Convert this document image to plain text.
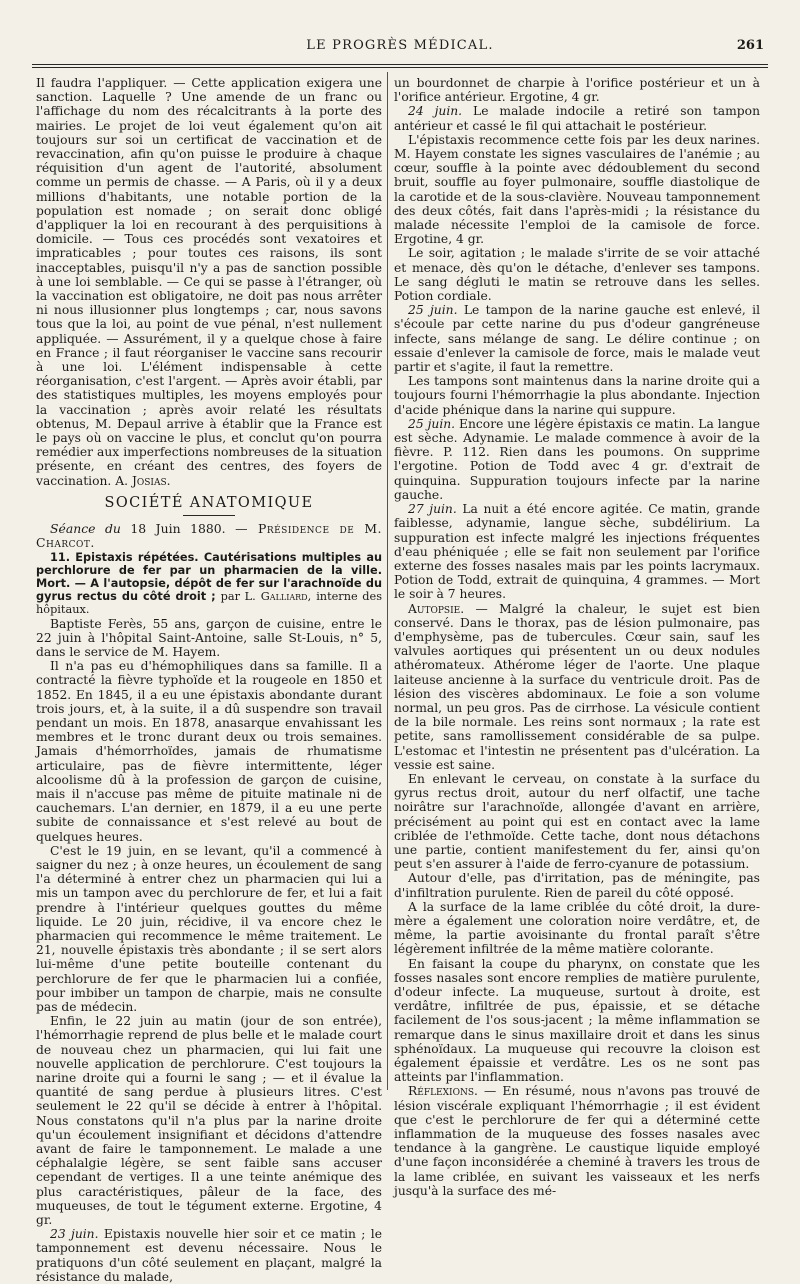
LE PROGRÈS MÉDICAL.	261

Il faudra l'appliquer. — Cette application exigera une sanction. Laquelle ? Une amende de un franc ou l'affichage du nom des récalcitrants à la porte des mairies. Le projet de loi veut également qu'on ait toujours sur soi un certificat de vaccination et de revaccination, afin qu'on puisse le produire à chaque réquisition d'un agent de l'autorité, absolument comme un permis de chasse. — A Paris, où il y a deux millions d'habitants, une notable portion de la population est nomade ; on serait donc obligé d'appliquer la loi en recourant à des perquisitions à domicile. — Tous ces procédés sont vexatoires et impraticables ; pour toutes ces raisons, ils sont inacceptables, puisqu'il n'y a pas de sanction possible à une loi semblable. — Ce qui se passe à l'étranger, où la vaccination est obligatoire, ne doit pas nous arrêter ni nous illusionner plus longtemps ; car, nous savons tous que la loi, au point de vue pénal, n'est nullement appliquée. — Assurément, il y a quelque chose à faire en France ; il faut réorganiser le vaccine sans recourir à une loi. L'élément indispensable à cette réorganisation, c'est l'argent. — Après avoir établi, par des statistiques multiples, les moyens employés pour la vaccination ; après avoir relaté les résultats obtenus, M. Depaul arrive à établir que la France est le pays où on vaccine le plus, et conclut qu'on pourra remédier aux imperfections nombreuses de la situation présente, en créant des centres, des foyers de vaccination. A. Josias.

SOCIÉTÉ ANATOMIQUE

Séance du 18 Juin 1880. — Présidence de M. Charcot.

11. Epistaxis répétées. Cautérisations multiples au perchlorure de fer par un pharmacien de la ville. Mort. — A l'autopsie, dépôt de fer sur l'arachnoïde du gyrus rectus du côté droit ; par L. Galliard, interne des hôpitaux.

Baptiste Ferès, 55 ans, garçon de cuisine, entre le 22 juin à l'hôpital Saint-Antoine, salle St-Louis, n° 5, dans le service de M. Hayem.

Il n'a pas eu d'hémophiliques dans sa famille. Il a contracté la fièvre typhoïde et la rougeole en 1850 et 1852. En 1845, il a eu une épistaxis abondante durant trois jours, et, à la suite, il a dû suspendre son travail pendant un mois. En 1878, anasarque envahissant les membres et le tronc durant deux ou trois semaines. Jamais d'hémorrhoïdes, jamais de rhumatisme articulaire, pas de fièvre intermittente, léger alcoolisme dû à la profession de garçon de cuisine, mais il n'accuse pas même de pituite matinale ni de cauchemars. L'an dernier, en 1879, il a eu une perte subite de connaissance et s'est relevé au bout de quelques heures.

C'est le 19 juin, en se levant, qu'il a commencé à saigner du nez ; à onze heures, un écoulement de sang l'a déterminé à entrer chez un pharmacien qui lui a mis un tampon avec du perchlorure de fer, et lui a fait prendre à l'intérieur quelques gouttes du même liquide. Le 20 juin, récidive, il va encore chez le pharmacien qui recommence le même traitement. Le 21, nouvelle épistaxis très abondante ; il se sert alors lui-même d'une petite bouteille contenant du perchlorure de fer que le pharmacien lui a confiée, pour imbiber un tampon de charpie, mais ne consulte pas de médecin.

Enfin, le 22 juin au matin (jour de son entrée), l'hémorrhagie reprend de plus belle et le malade court de nouveau chez un pharmacien, qui lui fait une nouvelle application de perchlorure. C'est toujours la narine droite qui a fourni le sang ; — et il évalue la quantité de sang perdue à plusieurs litres. C'est seulement le 22 qu'il se décide à entrer à l'hôpital. Nous constatons qu'il n'a plus par la narine droite qu'un écoulement insignifiant et décidons d'attendre avant de faire le tamponnement. Le malade a une céphalalgie légère, se sent faible sans accuser cependant de vertiges. Il a une teinte anémique des plus caractéristiques, pâleur de la face, des muqueuses, de tout le tégument externe. Ergotine, 4 gr.

23 juin. Epistaxis nouvelle hier soir et ce matin ; le tamponnement est devenu nécessaire. Nous le pratiquons d'un côté seulement en plaçant, malgré la résistance du malade,

un bourdonnet de charpie à l'orifice postérieur et un à l'orifice antérieur. Ergotine, 4 gr.

24 juin. Le malade indocile a retiré son tampon antérieur et cassé le fil qui attachait le postérieur.

L'épistaxis recommence cette fois par les deux narines. M. Hayem constate les signes vasculaires de l'anémie ; au cœur, souffle à la pointe avec dédoublement du second bruit, souffle au foyer pulmonaire, souffle diastolique de la carotide et de la sous-clavière. Nouveau tamponnement des deux côtés, fait dans l'après-midi ; la résistance du malade nécessite l'emploi de la camisole de force. Ergotine, 4 gr.

Le soir, agitation ; le malade s'irrite de se voir attaché et menace, dès qu'on le détache, d'enlever ses tampons. Le sang dégluti le matin se retrouve dans les selles. Potion cordiale.

25 juin. Le tampon de la narine gauche est enlevé, il s'écoule par cette narine du pus d'odeur gangréneuse infecte, sans mélange de sang. Le délire continue ; on essaie d'enlever la camisole de force, mais le malade veut partir et s'agite, il faut la remettre.

Les tampons sont maintenus dans la narine droite qui a toujours fourni l'hémorrhagie la plus abondante. Injection d'acide phénique dans la narine qui suppure.

25 juin. Encore une légère épistaxis ce matin. La langue est sèche. Adynamie. Le malade commence à avoir de la fièvre. P. 112. Rien dans les poumons. On supprime l'ergotine. Potion de Todd avec 4 gr. d'extrait de quinquina. Suppuration toujours infecte par la narine gauche.

27 juin. La nuit a été encore agitée. Ce matin, grande faiblesse, adynamie, langue sèche, subdélirium. La suppuration est infecte malgré les injections fréquentes d'eau phéniquée ; elle se fait non seulement par l'orifice externe des fosses nasales mais par les points lacrymaux. Potion de Todd, extrait de quinquina, 4 grammes. — Mort le soir à 7 heures.

Autopsie. — Malgré la chaleur, le sujet est bien conservé. Dans le thorax, pas de lésion pulmonaire, pas d'emphysème, pas de tubercules. Cœur sain, sauf les valvules aortiques qui présentent un ou deux nodules athéromateux. Athérome léger de l'aorte. Une plaque laiteuse ancienne à la surface du ventricule droit. Pas de lésion des viscères abdominaux. Le foie a son volume normal, un peu gros. Pas de cirrhose. La vésicule contient de la bile normale. Les reins sont normaux ; la rate est petite, sans ramollissement considérable de sa pulpe. L'estomac et l'intestin ne présentent pas d'ulcération. La vessie est saine.

En enlevant le cerveau, on constate à la surface du gyrus rectus droit, autour du nerf olfactif, une tache noirâtre sur l'arachnoïde, allongée d'avant en arrière, précisément au point qui est en contact avec la lame criblée de l'ethmoïde. Cette tache, dont nous détachons une partie, contient manifestement du fer, ainsi qu'on peut s'en assurer à l'aide de ferro-cyanure de potassium.

Autour d'elle, pas d'irritation, pas de méningite, pas d'infiltration purulente. Rien de pareil du côté opposé.

A la surface de la lame criblée du côté droit, la dure-mère a également une coloration noire verdâtre, et, de même, la partie avoisinante du frontal paraît s'être légèrement infiltrée de la même matière colorante.

En faisant la coupe du pharynx, on constate que les fosses nasales sont encore remplies de matière purulente, d'odeur infecte. La muqueuse, surtout à droite, est verdâtre, infiltrée de pus, épaissie, et se détache facilement de l'os sous-jacent ; la même inflammation se remarque dans le sinus maxillaire droit et dans les sinus sphénoïdaux. La muqueuse qui recouvre la cloison est également épaissie et verdâtre. Les os ne sont pas atteints par l'inflammation.

Réflexions. — En résumé, nous n'avons pas trouvé de lésion viscérale expliquant l'hémorrhagie ; il est évident que c'est le perchlorure de fer qui a déterminé cette inflammation de la muqueuse des fosses nasales avec tendance à la gangrène. Le caustique liquide employé d'une façon inconsidérée a cheminé à travers les trous de la lame criblée, en suivant les vaisseaux et les nerfs jusqu'à la surface des mé-
